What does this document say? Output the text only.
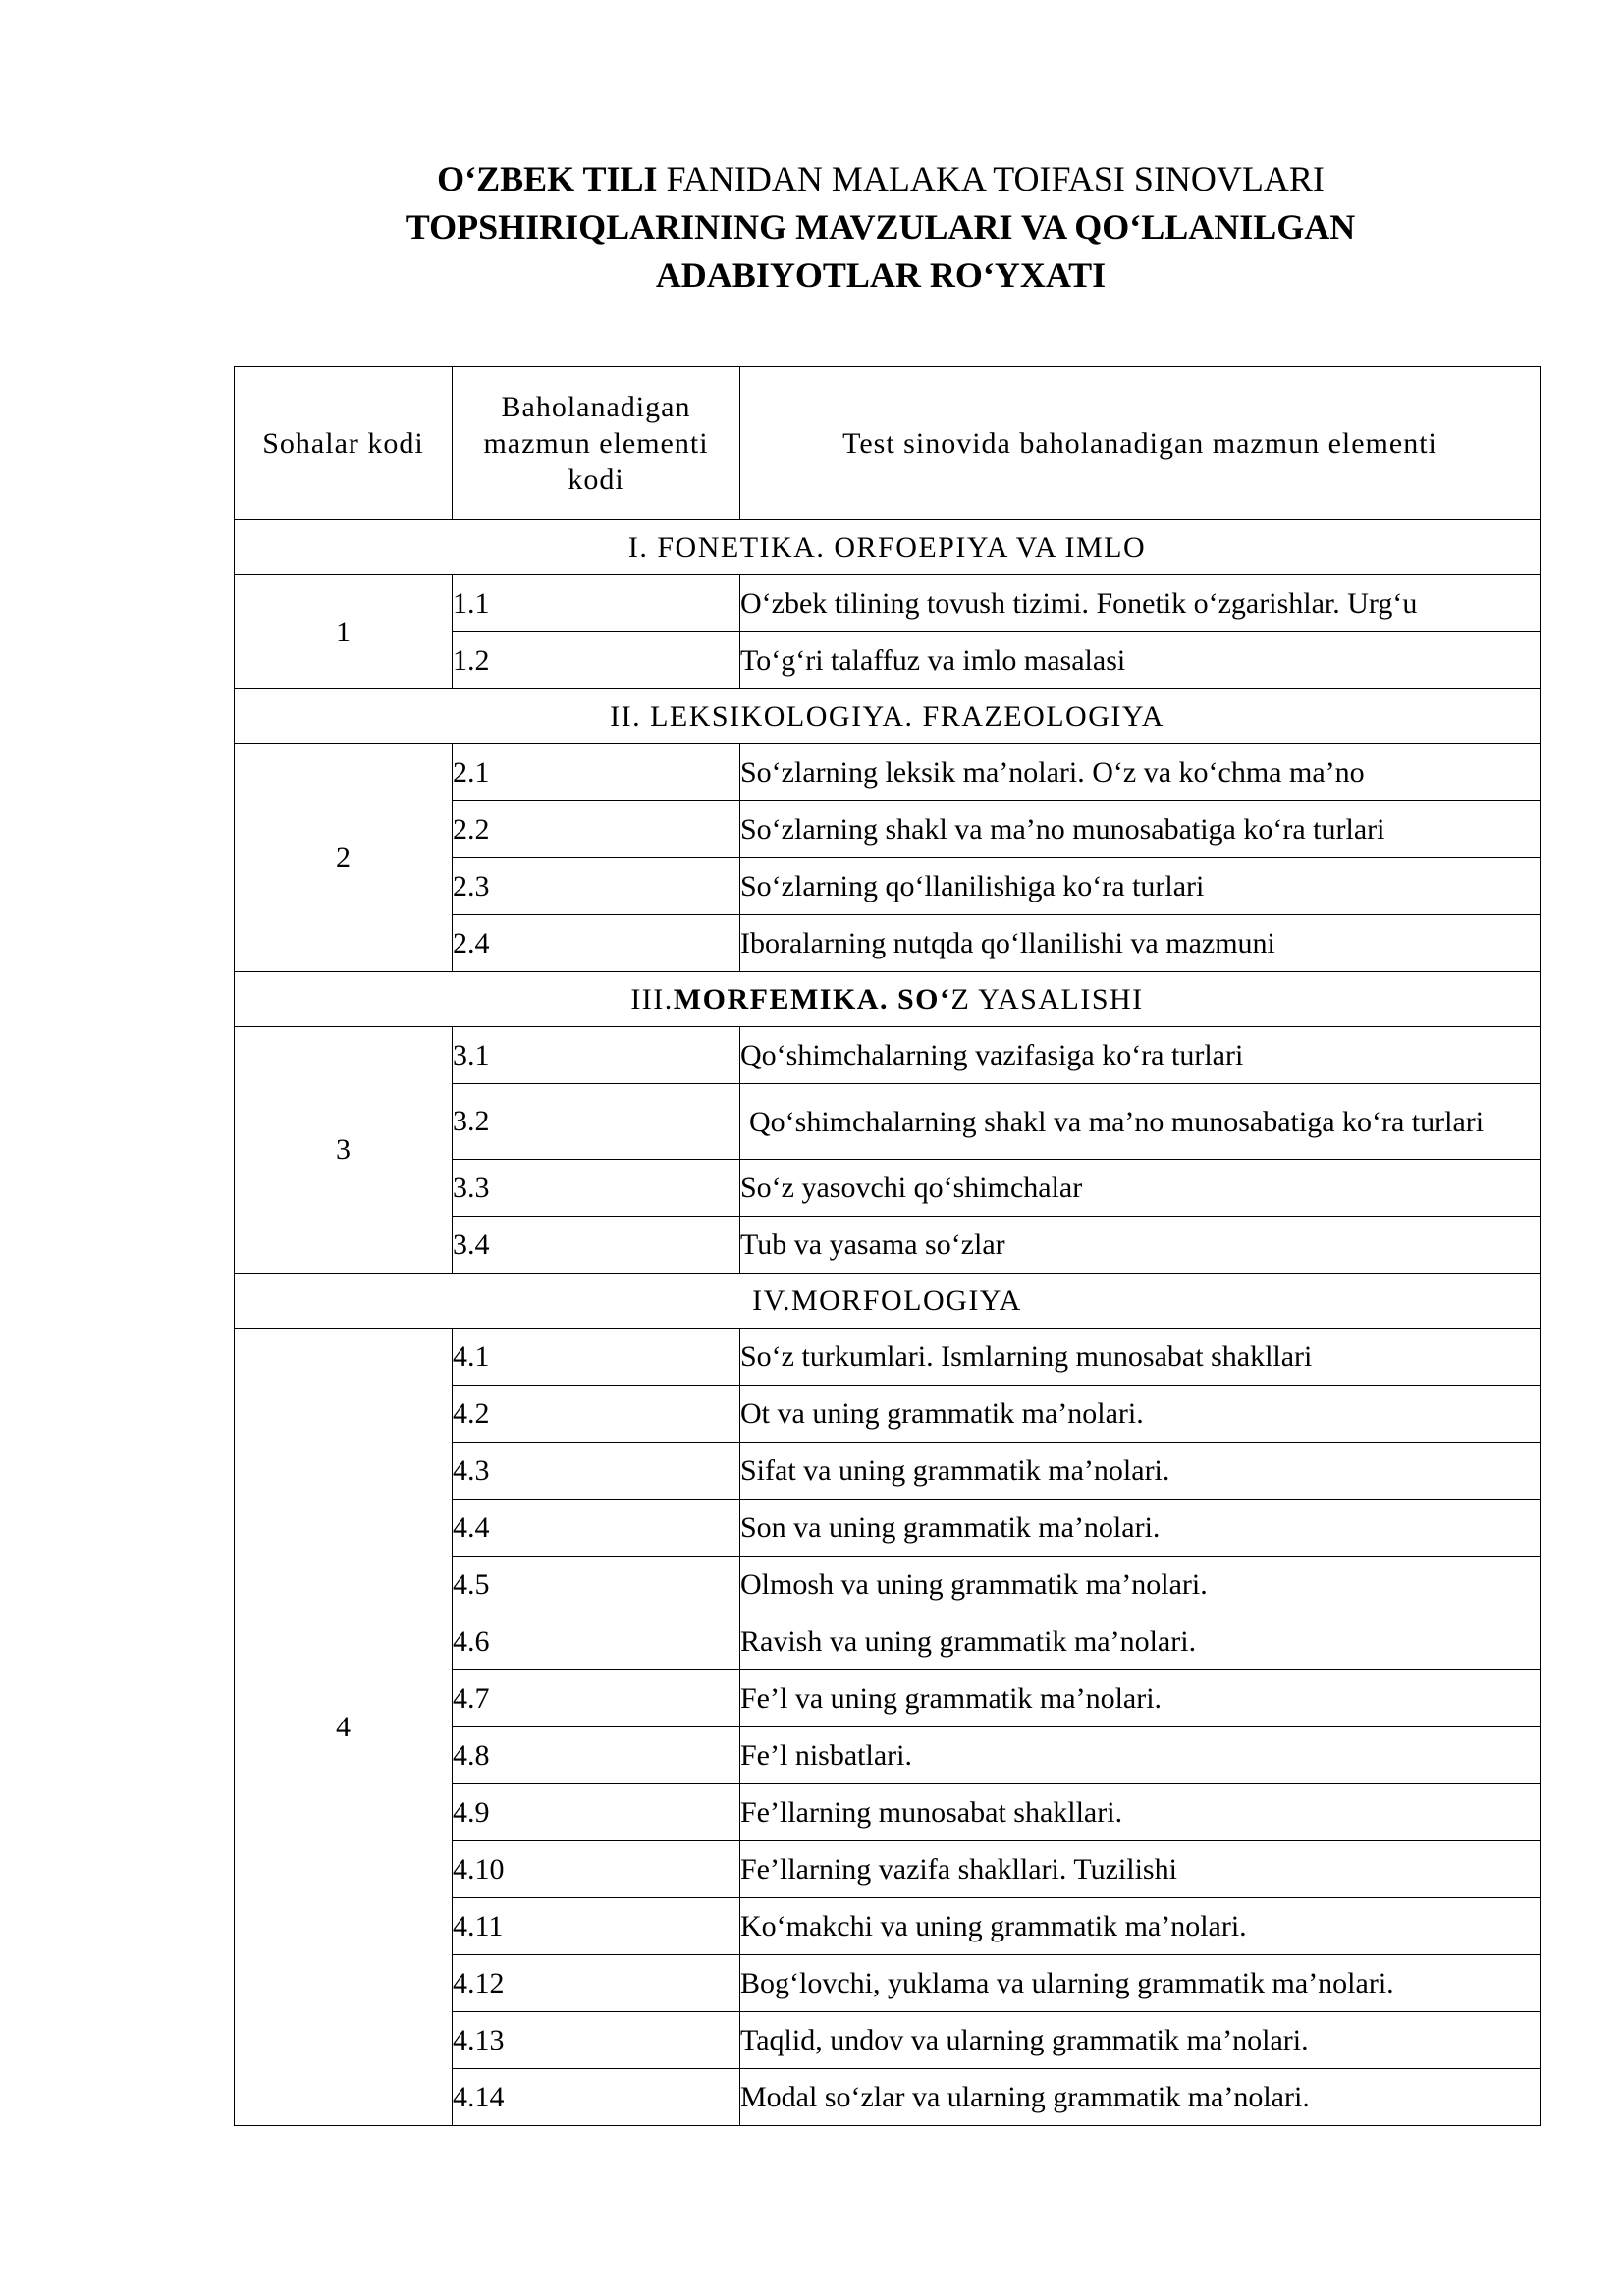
O‘ZBEK TILI FANIDAN MALAKA TOIFASI SINOVLARI
TOPSHIRIQLARINING MAVZULARI VA QO‘LLANILGAN
ADABIYOTLAR RO‘YXATI
Sohalar kodi	Baholanadigan mazmun elementi kodi	Test sinovida baholanadigan mazmun elementi
I. FONETIKA. ORFOEPIYA VA IMLO		
1	1.1	O‘zbek tilining tovush tizimi. Fonetik o‘zgarishlar. Urg‘u
	1.2	To‘g‘ri talaffuz va imlo masalasi
II. LEKSIKOLOGIYA. FRAZEOLOGIYA		
2	2.1	So‘zlarning leksik ma’nolari. O‘z va ko‘chma ma’no
	2.2	So‘zlarning shakl va ma’no munosabatiga ko‘ra turlari
	2.3	So‘zlarning qo‘llanilishiga ko‘ra turlari
	2.4	Iboralarning nutqda qo‘llanilishi va mazmuni
III.MORFEMIKA. SO‘Z YASALISHI		
3	3.1	Qo‘shimchalarning vazifasiga ko‘ra turlari
	3.2	Qo‘shimchalarning shakl va ma’no munosabatiga ko‘ra turlari
	3.3	So‘z yasovchi qo‘shimchalar
	3.4	Tub va yasama so‘zlar
IV.MORFOLOGIYA		
4	4.1	So‘z turkumlari. Ismlarning munosabat shakllari
	4.2	Ot va uning grammatik ma’nolari.
	4.3	Sifat va uning grammatik ma’nolari.
	4.4	Son va uning grammatik ma’nolari.
	4.5	Olmosh va uning grammatik ma’nolari.
	4.6	Ravish va uning grammatik ma’nolari.
	4.7	Fe’l va uning grammatik ma’nolari.
	4.8	Fe’l nisbatlari.
	4.9	Fe’llarning munosabat shakllari.
	4.10	Fe’llarning vazifa shakllari. Tuzilishi
	4.11	Ko‘makchi va uning grammatik ma’nolari.
	4.12	Bog‘lovchi, yuklama va ularning grammatik ma’nolari.
	4.13	Taqlid, undov va ularning grammatik ma’nolari.
	4.14	Modal so‘zlar va ularning grammatik ma’nolari.
